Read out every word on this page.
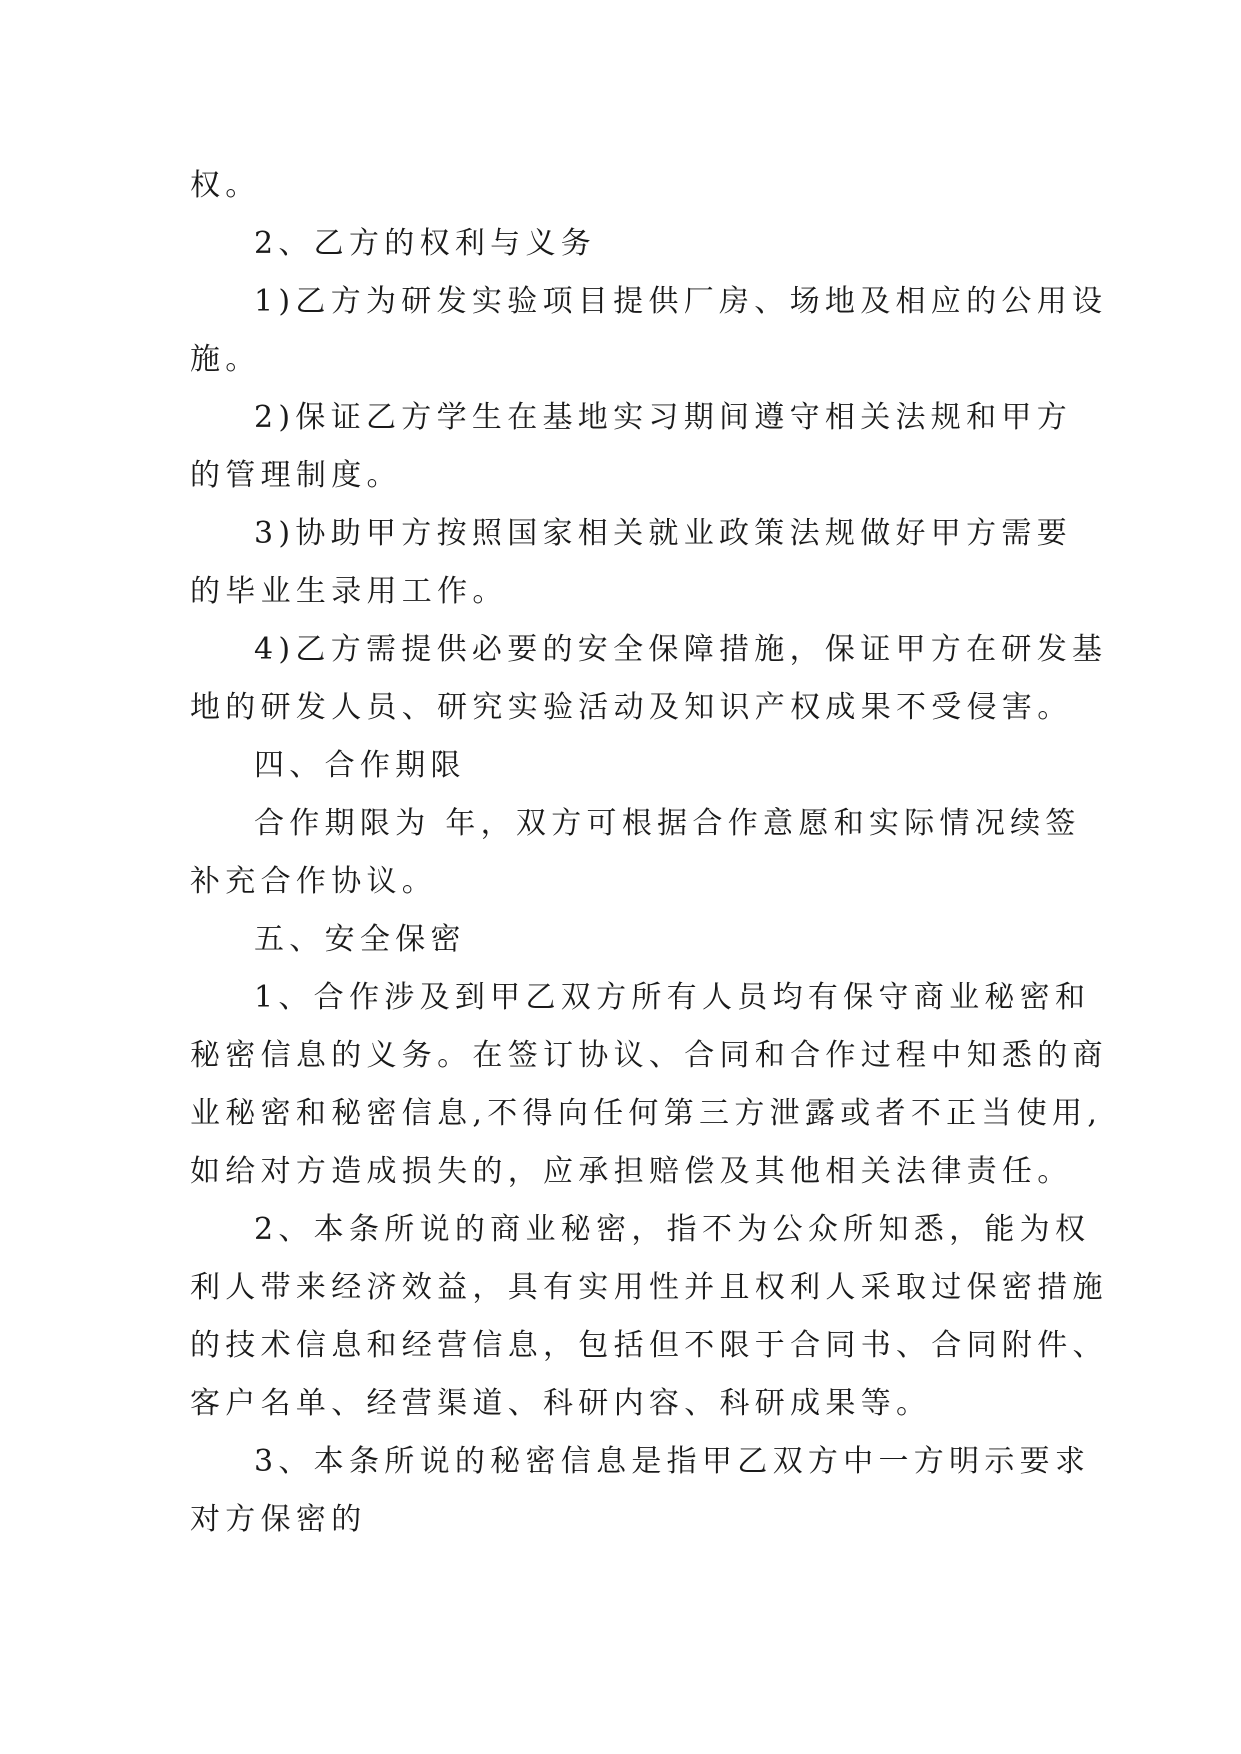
权。
2、乙方的权利与义务
1)乙方为研发实验项目提供厂房、场地及相应的公用设
施。
2)保证乙方学生在基地实习期间遵守相关法规和甲方
的管理制度。
3)协助甲方按照国家相关就业政策法规做好甲方需要
的毕业生录用工作。
4)乙方需提供必要的安全保障措施，保证甲方在研发基
地的研发人员、研究实验活动及知识产权成果不受侵害。
四、合作期限
合作期限为 年，双方可根据合作意愿和实际情况续签
补充合作协议。
五、安全保密
1、合作涉及到甲乙双方所有人员均有保守商业秘密和
秘密信息的义务。在签订协议、合同和合作过程中知悉的商
业秘密和秘密信息,不得向任何第三方泄露或者不正当使用,
如给对方造成损失的，应承担赔偿及其他相关法律责任。
2、本条所说的商业秘密，指不为公众所知悉，能为权
利人带来经济效益，具有实用性并且权利人采取过保密措施
的技术信息和经营信息，包括但不限于合同书、合同附件、
客户名单、经营渠道、科研内容、科研成果等。
3、本条所说的秘密信息是指甲乙双方中一方明示要求
对方保密的
